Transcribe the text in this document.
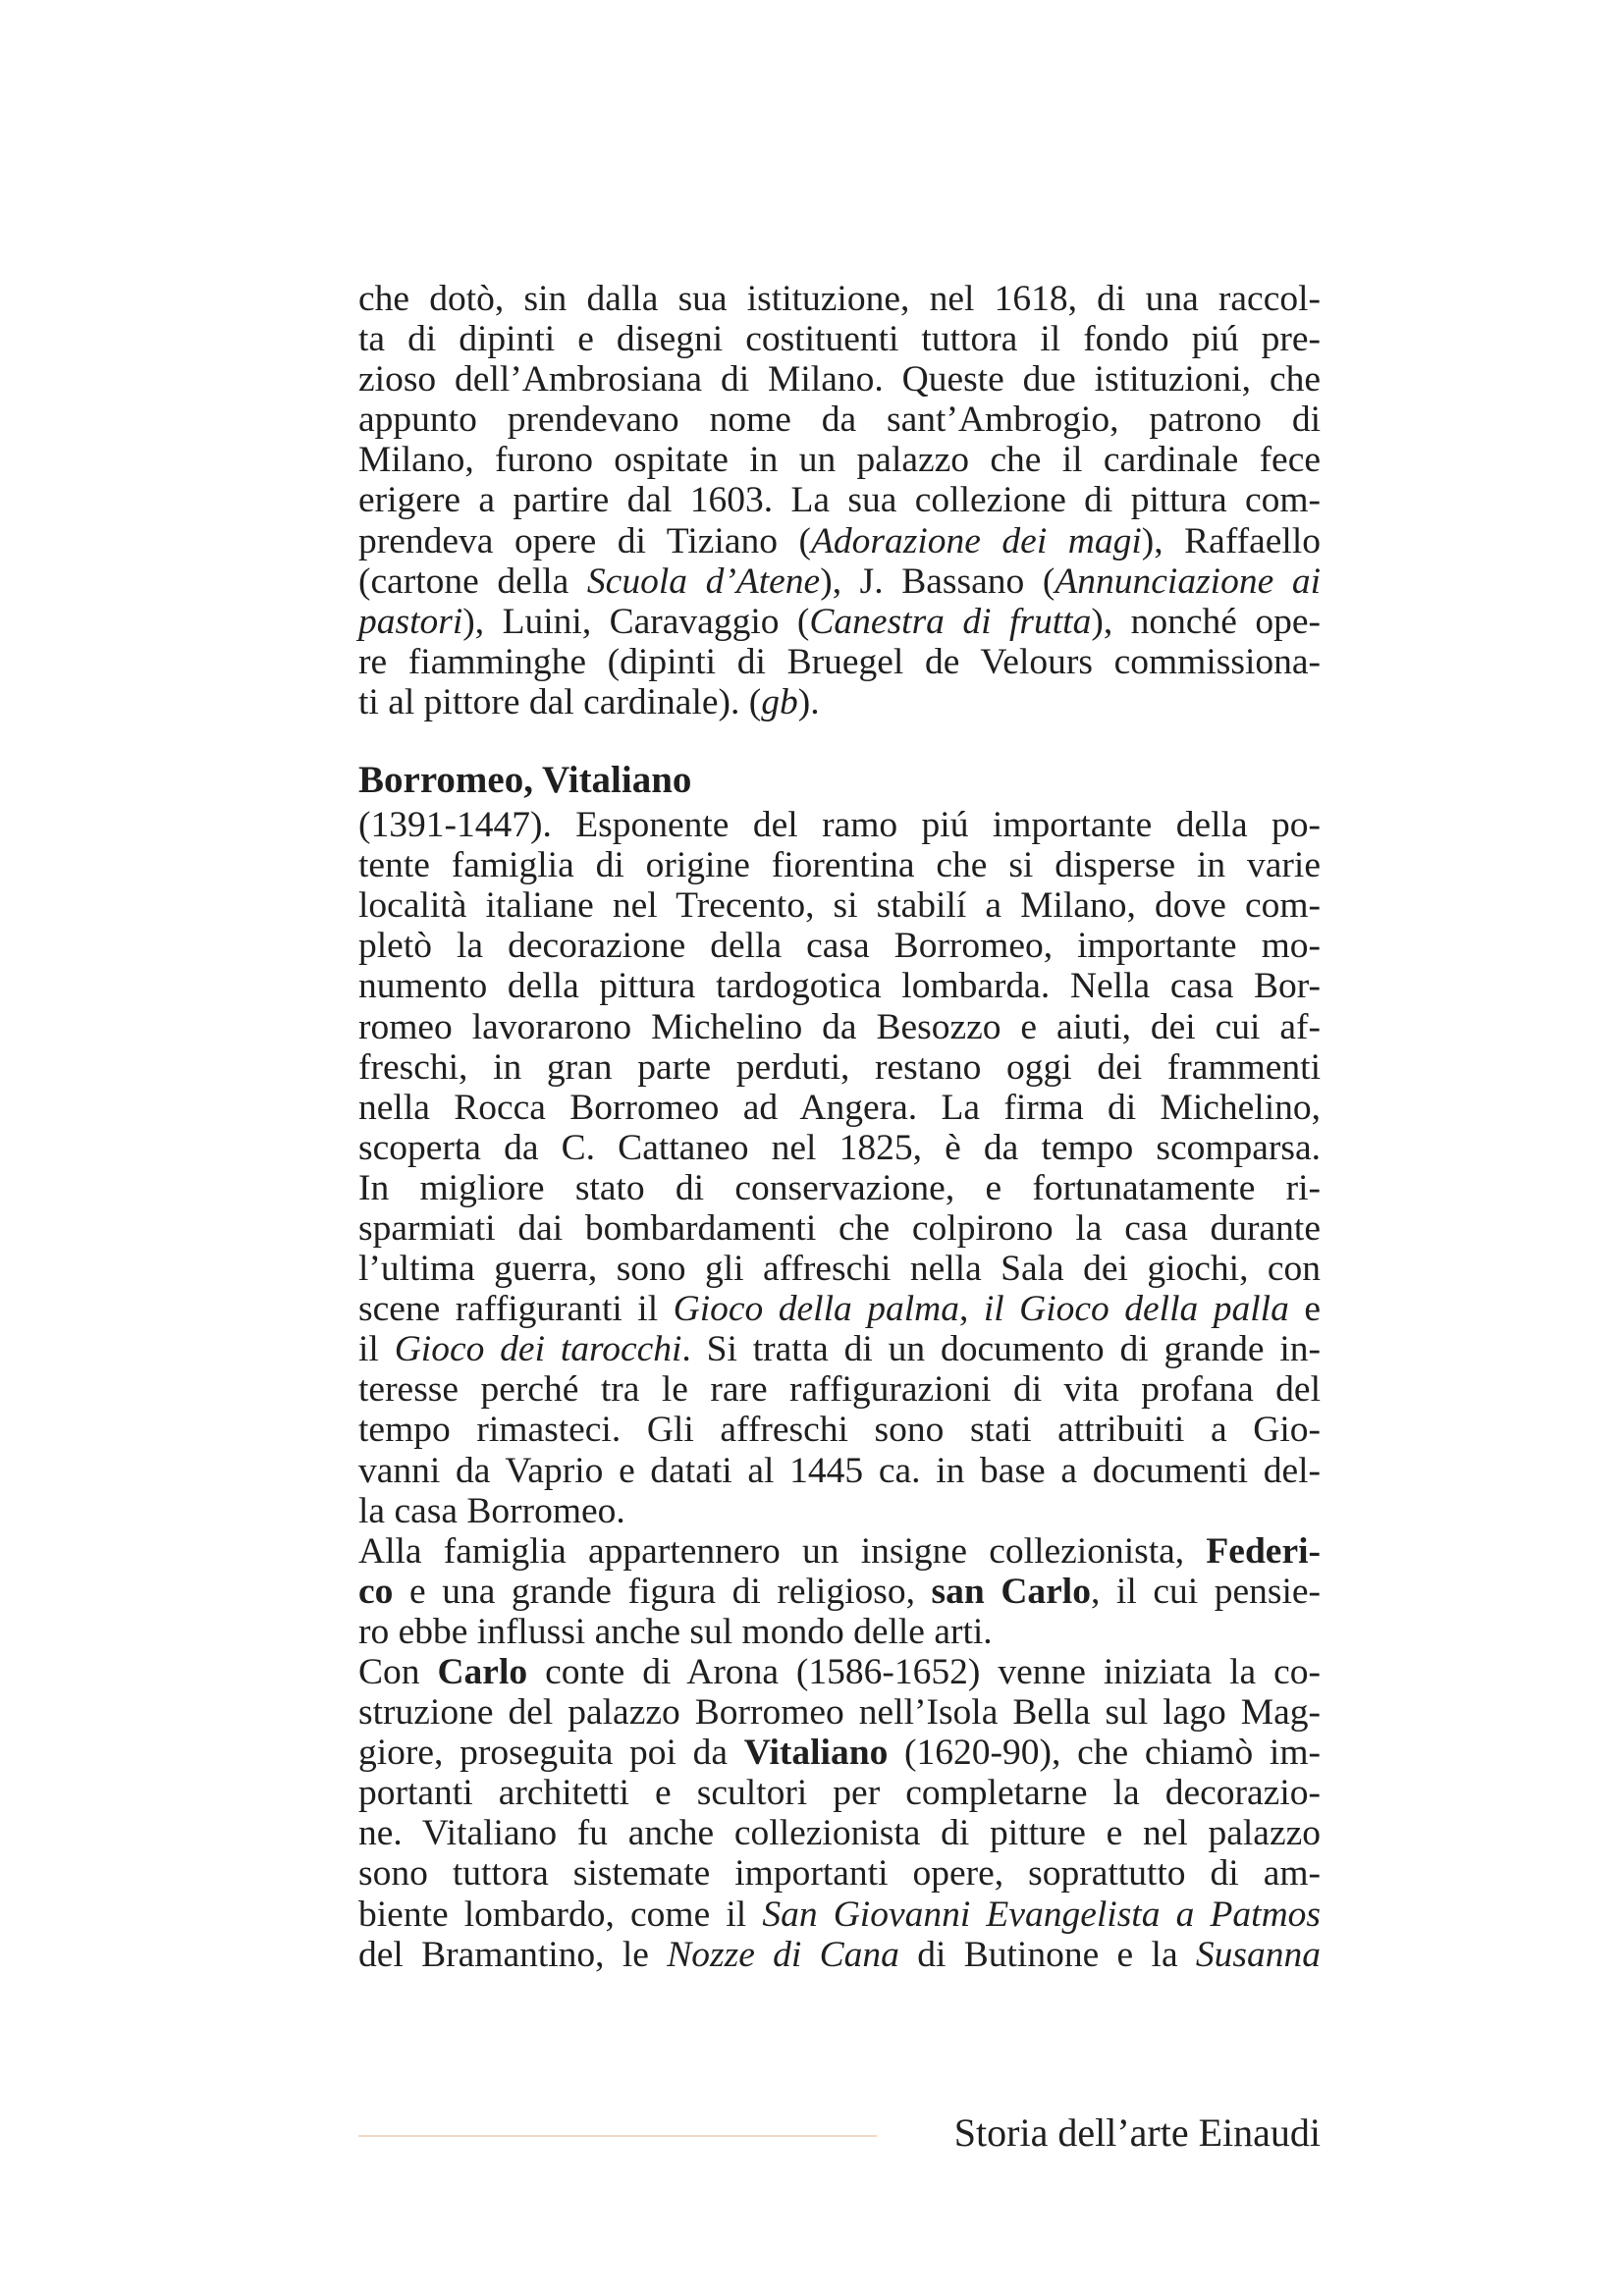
che dotò, sin dalla sua istituzione, nel 1618, di una raccol-
ta di dipinti e disegni costituenti tuttora il fondo piú pre-
zioso dell’Ambrosiana di Milano. Queste due istituzioni, che
appunto prendevano nome da sant’Ambrogio, patrono di
Milano, furono ospitate in un palazzo che il cardinale fece
erigere a partire dal 1603. La sua collezione di pittura com-
prendeva opere di Tiziano (Adorazione dei magi), Raffaello
(cartone della Scuola d’Atene), J. Bassano (Annunciazione ai
pastori), Luini, Caravaggio (Canestra di frutta), nonché ope-
re fiamminghe (dipinti di Bruegel de Velours commissiona-
ti al pittore dal cardinale). (gb).
Borromeo, Vitaliano
(1391-1447). Esponente del ramo piú importante della po-
tente famiglia di origine fiorentina che si disperse in varie
località italiane nel Trecento, si stabilí a Milano, dove com-
pletò la decorazione della casa Borromeo, importante mo-
numento della pittura tardogotica lombarda. Nella casa Bor-
romeo lavorarono Michelino da Besozzo e aiuti, dei cui af-
freschi, in gran parte perduti, restano oggi dei frammenti
nella Rocca Borromeo ad Angera. La firma di Michelino,
scoperta da C. Cattaneo nel 1825, è da tempo scomparsa.
In migliore stato di conservazione, e fortunatamente ri-
sparmiati dai bombardamenti che colpirono la casa durante
l’ultima guerra, sono gli affreschi nella Sala dei giochi, con
scene raffiguranti il Gioco della palma, il Gioco della palla e
il Gioco dei tarocchi. Si tratta di un documento di grande in-
teresse perché tra le rare raffigurazioni di vita profana del
tempo rimasteci. Gli affreschi sono stati attribuiti a Gio-
vanni da Vaprio e datati al 1445 ca. in base a documenti del-
la casa Borromeo.
Alla famiglia appartennero un insigne collezionista, Federi-
co e una grande figura di religioso, san Carlo, il cui pensie-
ro ebbe influssi anche sul mondo delle arti.
Con Carlo conte di Arona (1586-1652) venne iniziata la co-
struzione del palazzo Borromeo nell’Isola Bella sul lago Mag-
giore, proseguita poi da Vitaliano (1620-90), che chiamò im-
portanti architetti e scultori per completarne la decorazio-
ne. Vitaliano fu anche collezionista di pitture e nel palazzo
sono tuttora sistemate importanti opere, soprattutto di am-
biente lombardo, come il San Giovanni Evangelista a Patmos
del Bramantino, le Nozze di Cana di Butinone e la Susanna
Storia dell’arte Einaudi
